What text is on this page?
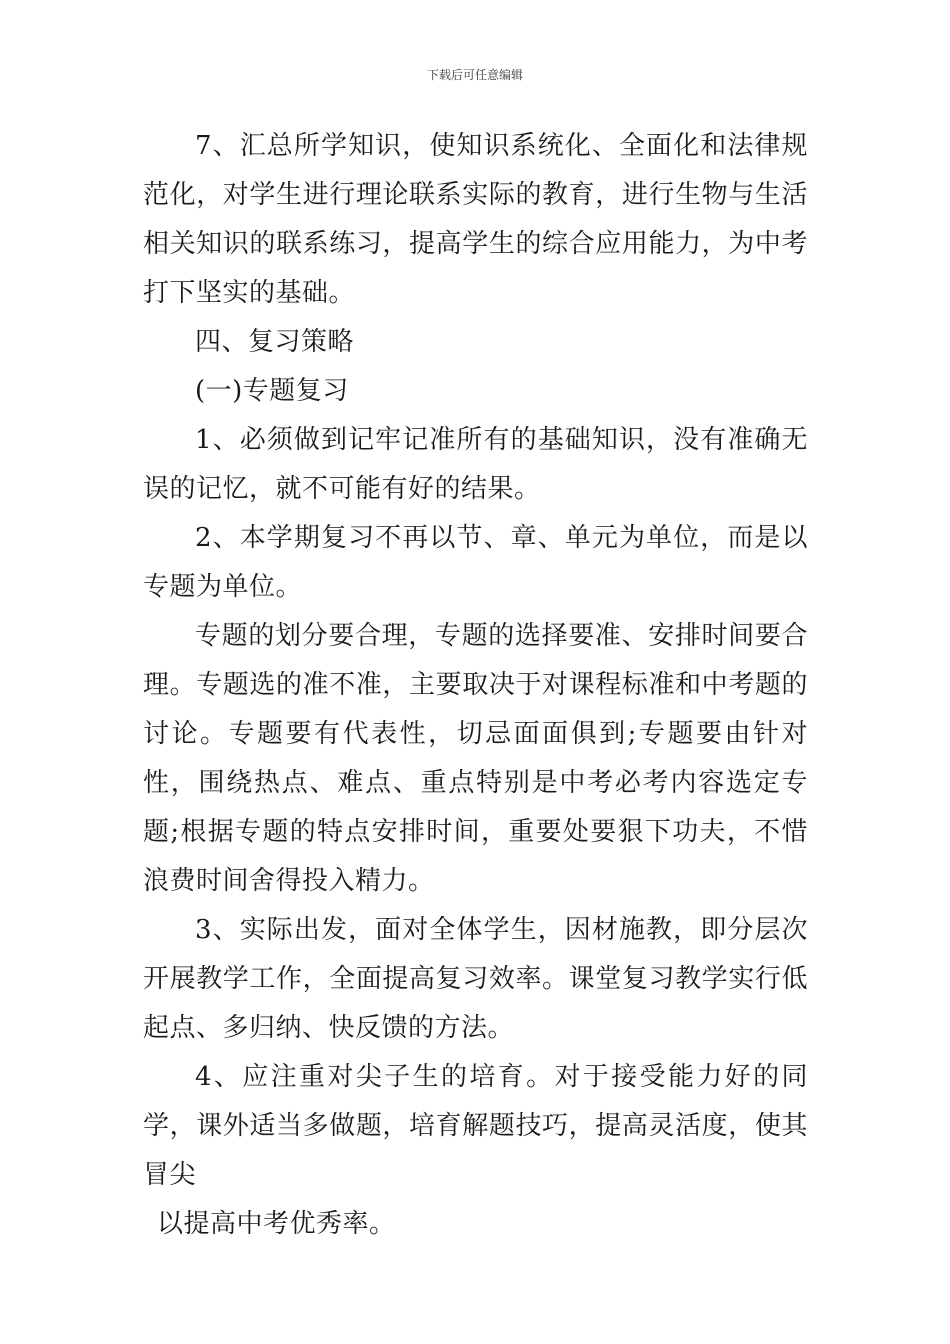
下载后可任意编辑

7、汇总所学知识，使知识系统化、全面化和法律规范化，对学生进行理论联系实际的教育，进行生物与生活相关知识的联系练习，提高学生的综合应用能力，为中考打下坚实的基础。

四、复习策略

(一)专题复习

1、必须做到记牢记准所有的基础知识，没有准确无误的记忆，就不可能有好的结果。

2、本学期复习不再以节、章、单元为单位，而是以专题为单位。

专题的划分要合理，专题的选择要准、安排时间要合理。专题选的准不准，主要取决于对课程标准和中考题的讨论。专题要有代表性，切忌面面俱到;专题要由针对性，围绕热点、难点、重点特别是中考必考内容选定专题;根据专题的特点安排时间，重要处要狠下功夫，不惜浪费时间舍得投入精力。

3、实际出发，面对全体学生，因材施教，即分层次开展教学工作，全面提高复习效率。课堂复习教学实行低起点、多归纳、快反馈的方法。

4、应注重对尖子生的培育。对于接受能力好的同学，课外适当多做题，培育解题技巧，提高灵活度，使其冒尖

以提高中考优秀率。
